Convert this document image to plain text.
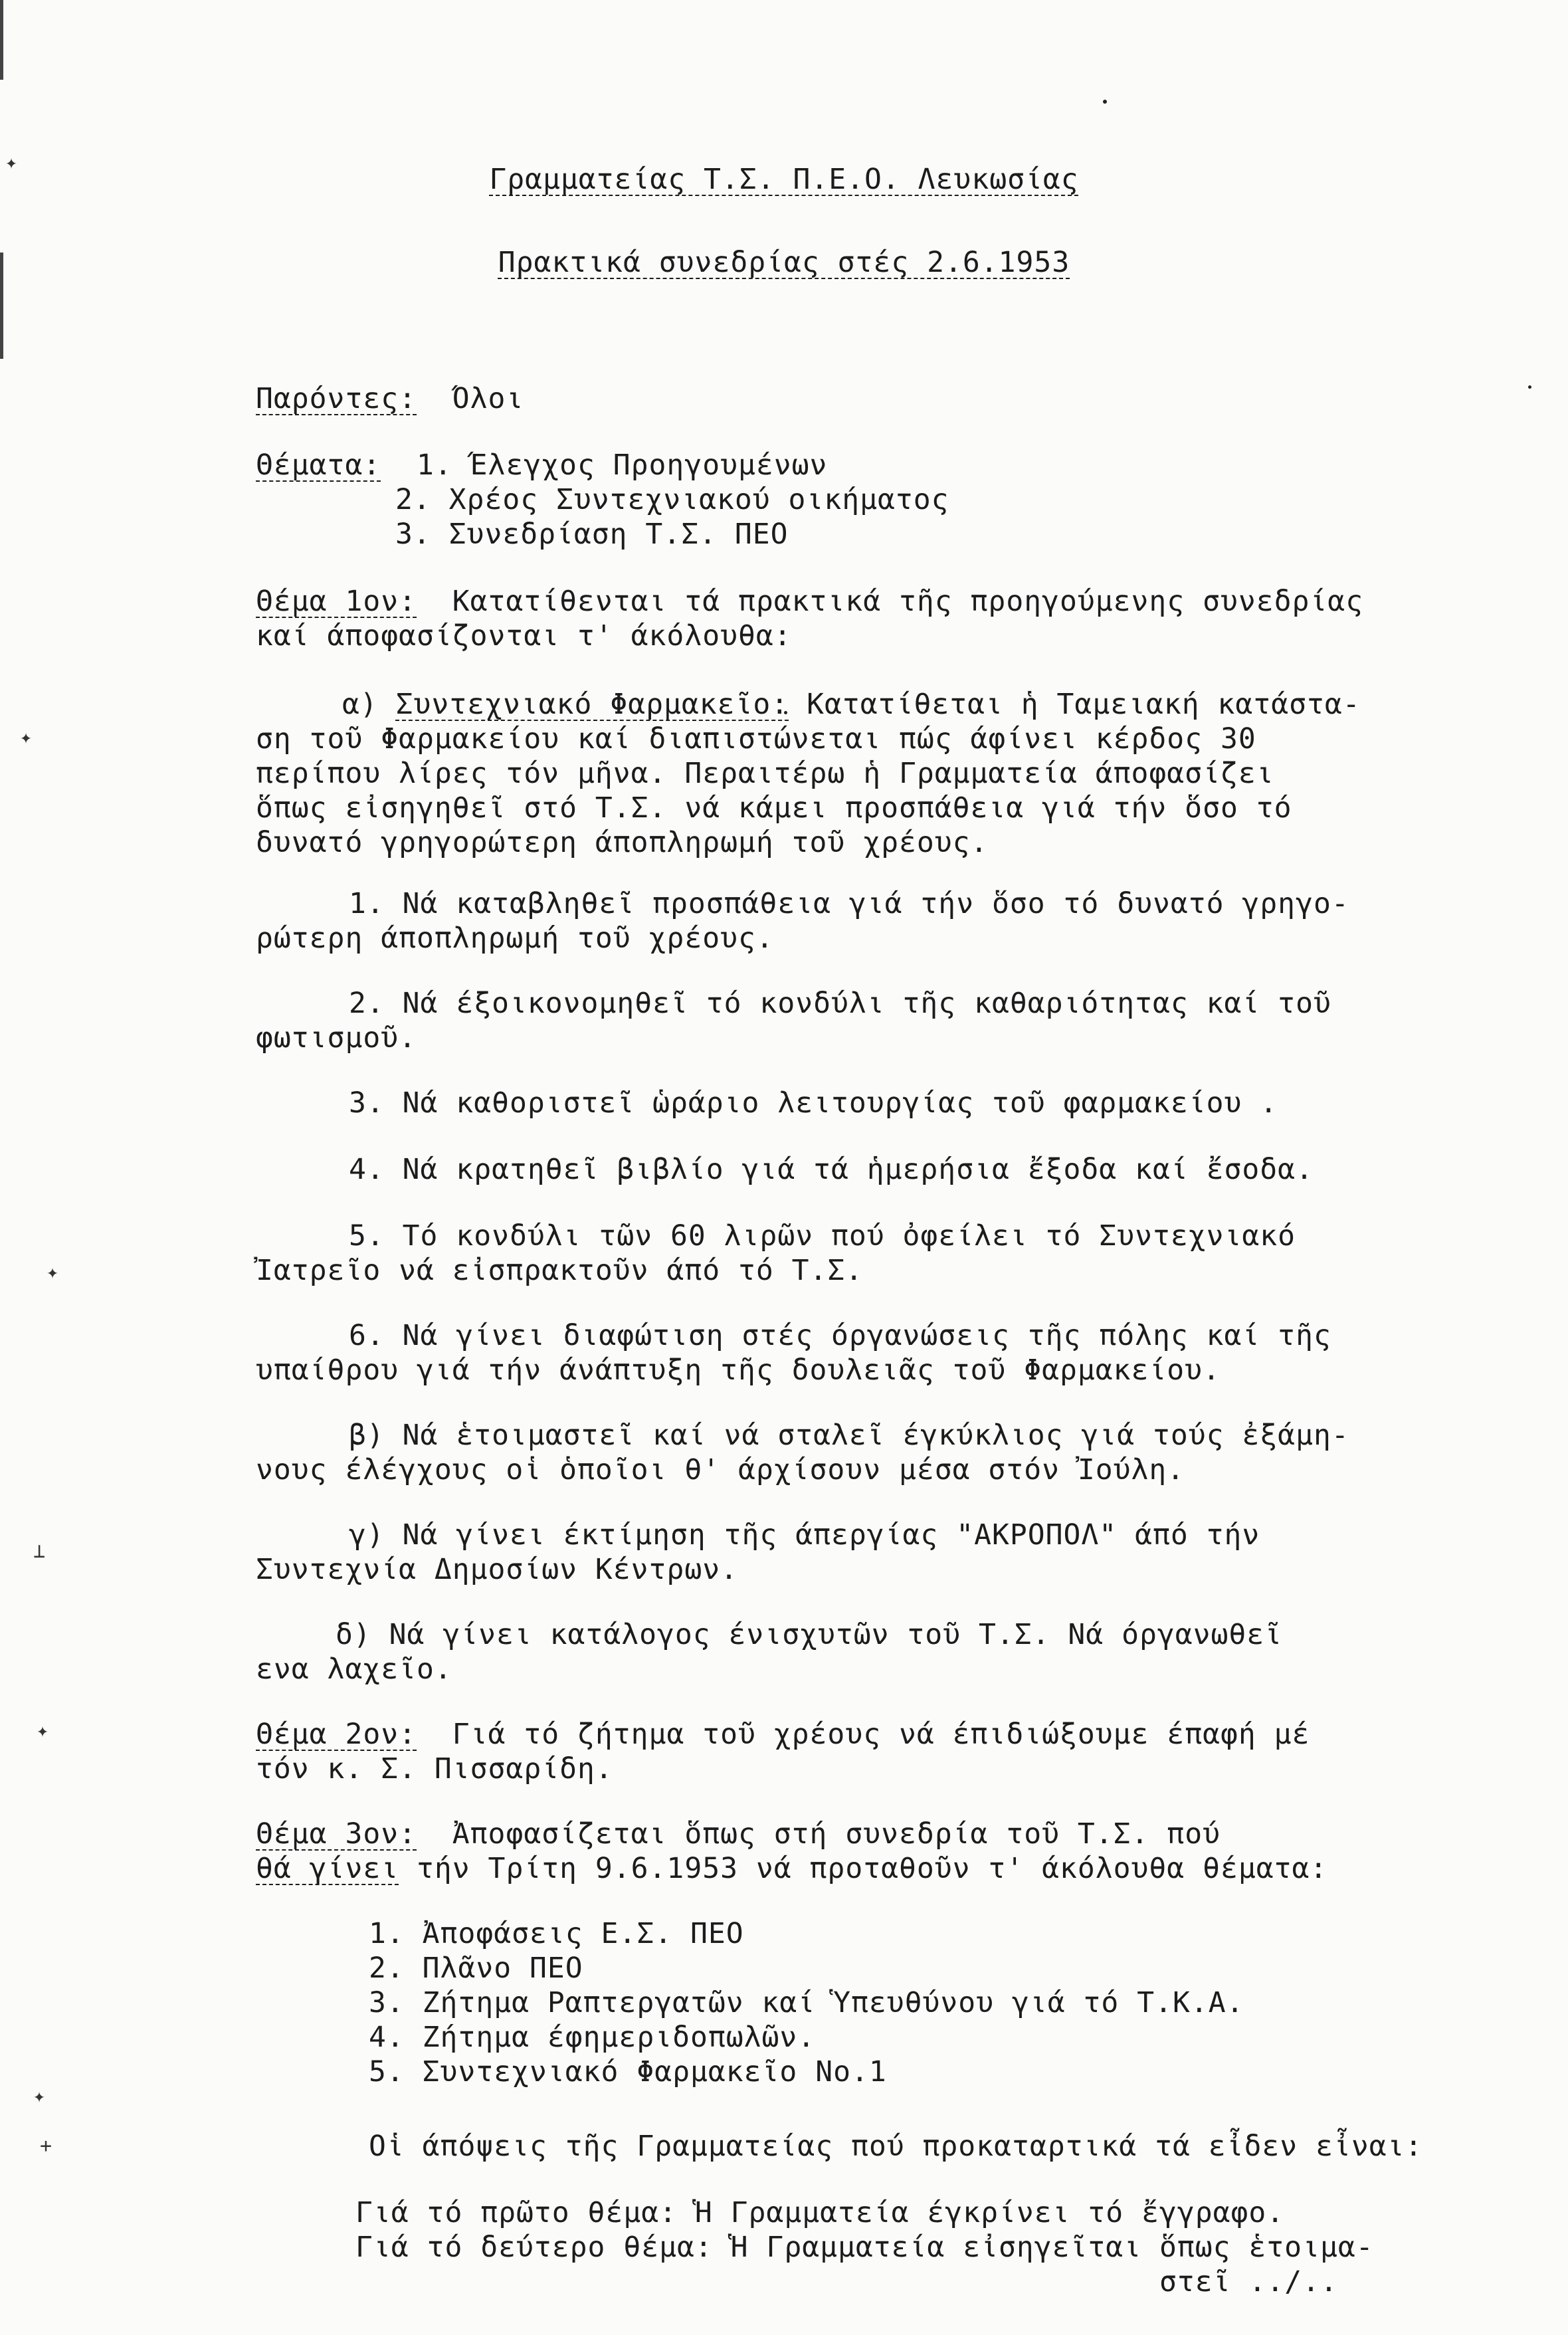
✦
✦
✦
⊥
✦
✦
+

Γραμματείας Τ.Σ. Π.Ε.Ο. Λευκωσίας

Πρακτικά συνεδρίας στές 2.6.1953

Παρόντες: Όλοι

Θέματα: 1. Έλεγχος Προηγουμένων

2. Χρέος Συντεχνιακού οικήματος

3. Συνεδρίαση Τ.Σ. ΠΕΟ

Θέμα 1ον: Κατατίθενται τά πρακτικά τῆς προηγούμενης συνεδρίας

καί άποφασίζονται τ' άκόλουθα:

α) Συντεχνιακό Φαρμακεῖο: Κατατίθεται ἡ Ταμειακή κατάστα-

ση τοῦ Φαρμακείου καί διαπιστώνεται πώς άφίνει κέρδος 30

περίπου λίρες τόν μῆνα. Περαιτέρω ἡ Γραμματεία άποφασίζει

ὅπως εἰσηγηθεῖ στό Τ.Σ. νά κάμει προσπάθεια γιά τήν ὅσο τό

δυνατό γρηγορώτερη άποπληρωμή τοῦ χρέους.

1. Νά καταβληθεῖ προσπάθεια γιά τήν ὅσο τό δυνατό γρηγο-

ρώτερη άποπληρωμή τοῦ χρέους.

2. Νά έξοικονομηθεῖ τό κονδύλι τῆς καθαριότητας καί τοῦ

φωτισμοῦ.

3. Νά καθοριστεῖ ὡράριο λειτουργίας τοῦ φαρμακείου .

4. Νά κρατηθεῖ βιβλίο γιά τά ἡμερήσια ἔξοδα καί ἔσοδα.

5. Τό κονδύλι τῶν 60 λιρῶν πού ὀφείλει τό Συντεχνιακό

Ἰατρεῖο νά εἰσπρακτοῦν άπό τό Τ.Σ.

6. Νά γίνει διαφώτιση στές όργανώσεις τῆς πόλης καί τῆς

υπαίθρου γιά τήν άνάπτυξη τῆς δουλειᾶς τοῦ Φαρμακείου.

β) Νά ἑτοιμαστεῖ καί νά σταλεῖ έγκύκλιος γιά τούς ἐξάμη-

νους έλέγχους οἱ ὁποῖοι θ' άρχίσουν μέσα στόν Ἰούλη.

γ) Νά γίνει έκτίμηση τῆς άπεργίας "ΑΚΡΟΠΟΛ" άπό τήν

Συντεχνία Δημοσίων Κέντρων.

δ) Νά γίνει κατάλογος ένισχυτῶν τοῦ Τ.Σ. Νά όργανωθεῖ

ενα λαχεῖο.

Θέμα 2ον: Γιά τό ζήτημα τοῦ χρέους νά έπιδιώξουμε έπαφή μέ

τόν κ. Σ. Πισσαρίδη.

Θέμα 3ον: Ἀποφασίζεται ὅπως στή συνεδρία τοῦ Τ.Σ. πού

θά γίνει τήν Τρίτη 9.6.1953 νά προταθοῦν τ' άκόλουθα θέματα:

1. Ἀποφάσεις Ε.Σ. ΠΕΟ

2. Πλᾶνο ΠΕΟ

3. Ζήτημα Ραπτεργατῶν καί Ὑπευθύνου γιά τό Τ.Κ.Α.

4. Ζήτημα έφημεριδοπωλῶν.

5. Συντεχνιακό Φαρμακεῖο Νο.1

Οἱ άπόψεις τῆς Γραμματείας πού προκαταρτικά τά εἶδεν εἶναι:

Γιά τό πρῶτο θέμα: Ἡ Γραμματεία έγκρίνει τό ἔγγραφο.

Γιά τό δεύτερο θέμα: Ἡ Γραμματεία εἰσηγεῖται ὅπως ἑτοιμα-

στεῖ ../..
